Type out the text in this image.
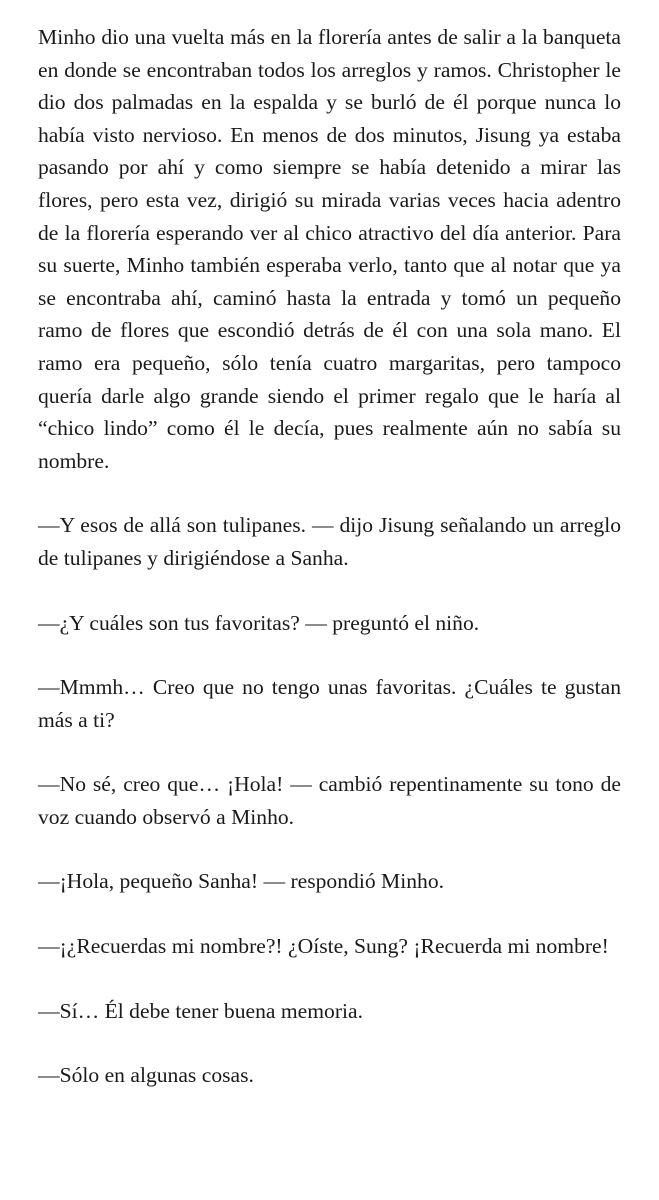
Minho dio una vuelta más en la florería antes de salir a la banqueta en donde se encontraban todos los arreglos y ramos. Christopher le dio dos palmadas en la espalda y se burló de él porque nunca lo había visto nervioso. En menos de dos minutos, Jisung ya estaba pasando por ahí y como siempre se había detenido a mirar las flores, pero esta vez, dirigió su mirada varias veces hacia adentro de la florería esperando ver al chico atractivo del día anterior. Para su suerte, Minho también esperaba verlo, tanto que al notar que ya se encontraba ahí, caminó hasta la entrada y tomó un pequeño ramo de flores que escondió detrás de él con una sola mano. El ramo era pequeño, sólo tenía cuatro margaritas, pero tampoco quería darle algo grande siendo el primer regalo que le haría al “chico lindo” como él le decía, pues realmente aún no sabía su nombre.

—Y esos de allá son tulipanes. — dijo Jisung señalando un arreglo de tulipanes y dirigiéndose a Sanha.

—¿Y cuáles son tus favoritas? — preguntó el niño.

—Mmmh… Creo que no tengo unas favoritas. ¿Cuáles te gustan más a ti?

—No sé, creo que… ¡Hola! — cambió repentinamente su tono de voz cuando observó a Minho.

—¡Hola, pequeño Sanha! — respondió Minho.

—¡¿Recuerdas mi nombre?! ¿Oíste, Sung? ¡Recuerda mi nombre!

—Sí… Él debe tener buena memoria.

—Sólo en algunas cosas.
